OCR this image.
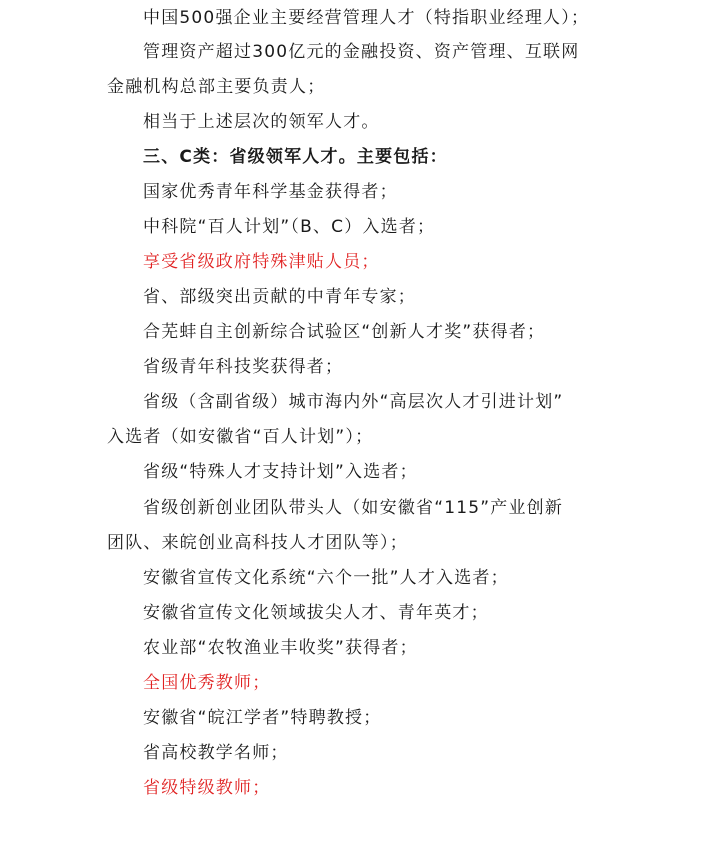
中国500强企业主要经营管理人才（特指职业经理人）；
管理资产超过300亿元的金融投资、资产管理、互联网
金融机构总部主要负责人；
相当于上述层次的领军人才。
三、C类：省级领军人才。主要包括：
国家优秀青年科学基金获得者；
中科院“百人计划”（B、C）入选者；
享受省级政府特殊津贴人员；
省、部级突出贡献的中青年专家；
合芜蚌自主创新综合试验区“创新人才奖”获得者；
省级青年科技奖获得者；
省级（含副省级）城市海内外“高层次人才引进计划”
入选者（如安徽省“百人计划”）；
省级“特殊人才支持计划”入选者；
省级创新创业团队带头人（如安徽省“115”产业创新
团队、来皖创业高科技人才团队等）；
安徽省宣传文化系统“六个一批”人才入选者；
安徽省宣传文化领域拔尖人才、青年英才；
农业部“农牧渔业丰收奖”获得者；
全国优秀教师；
安徽省“皖江学者”特聘教授；
省高校教学名师；
省级特级教师；
